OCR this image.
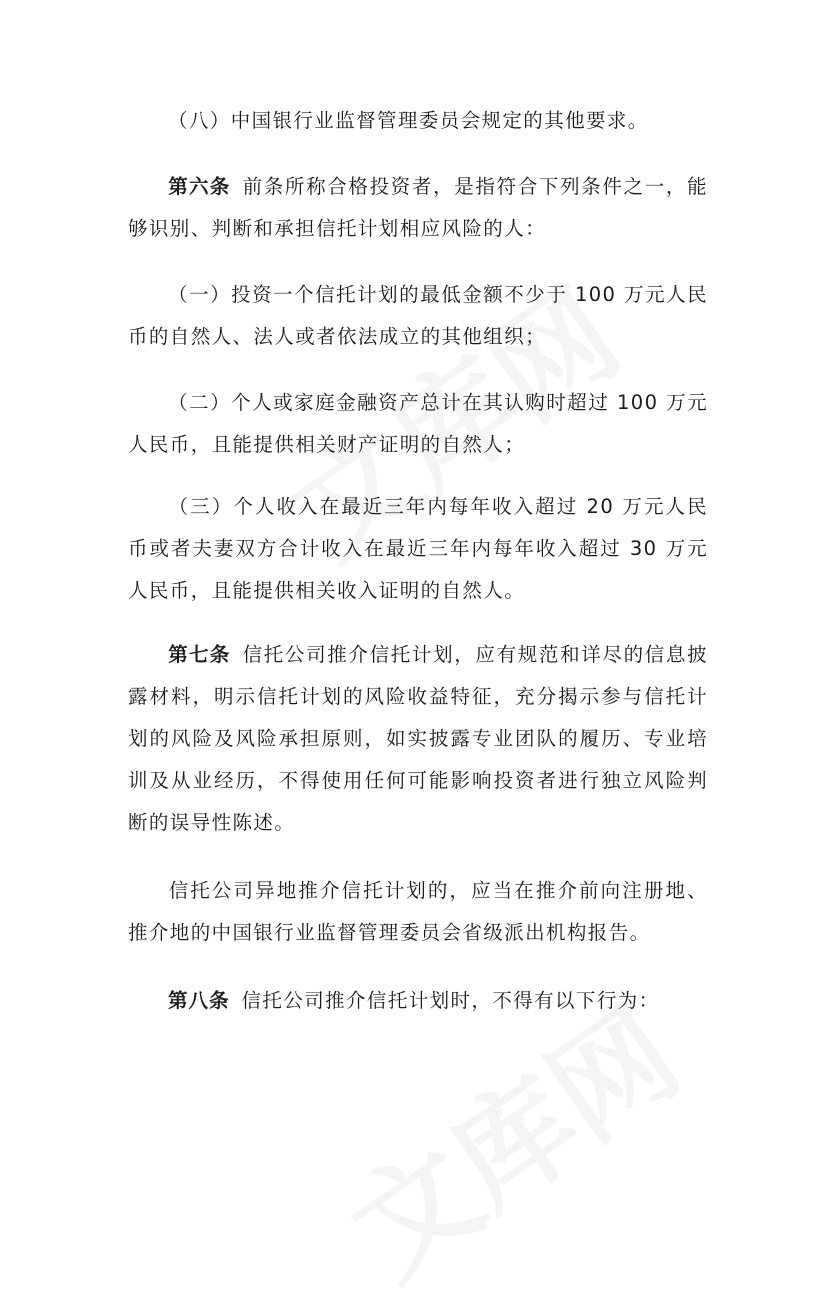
（八）中国银行业监督管理委员会规定的其他要求。

第六条 前条所称合格投资者，是指符合下列条件之一，能够识别、判断和承担信托计划相应风险的人：

（一）投资一个信托计划的最低金额不少于 100 万元人民币的自然人、法人或者依法成立的其他组织；

（二）个人或家庭金融资产总计在其认购时超过 100 万元人民币，且能提供相关财产证明的自然人；

（三）个人收入在最近三年内每年收入超过 20 万元人民币或者夫妻双方合计收入在最近三年内每年收入超过 30 万元人民币，且能提供相关收入证明的自然人。

第七条 信托公司推介信托计划，应有规范和详尽的信息披露材料，明示信托计划的风险收益特征，充分揭示参与信托计划的风险及风险承担原则，如实披露专业团队的履历、专业培训及从业经历，不得使用任何可能影响投资者进行独立风险判断的误导性陈述。

信托公司异地推介信托计划的，应当在推介前向注册地、推介地的中国银行业监督管理委员会省级派出机构报告。

第八条 信托公司推介信托计划时，不得有以下行为：
